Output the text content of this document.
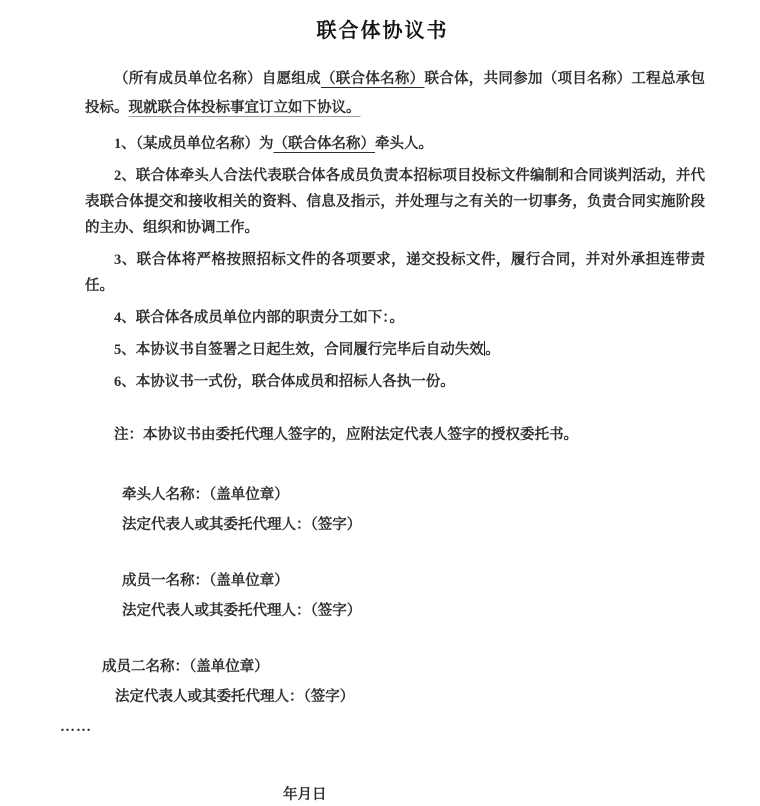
联合体协议书

（所有成员单位名称）自愿组成（联合体名称）联合体，共同参加（项目名称）工程总承包投标。现就联合体投标事宜订立如下协议。

1、（某成员单位名称）为（联合体名称）牵头人。

2、联合体牵头人合法代表联合体各成员负责本招标项目投标文件编制和合同谈判活动，并代表联合体提交和接收相关的资料、信息及指示，并处理与之有关的一切事务，负责合同实施阶段的主办、组织和协调工作。

3、联合体将严格按照招标文件的各项要求，递交投标文件，履行合同，并对外承担连带责任。

4、联合体各成员单位内部的职责分工如下：。

5、本协议书自签署之日起生效，合同履行完毕后自动失效 。

6、本协议书一式份，联合体成员和招标人各执一份。

注：本协议书由委托代理人签字的，应附法定代表人签字的授权委托书。

牵头人名称：（盖单位章）

法定代表人或其委托代理人：（签字）

成员一名称：（盖单位章）

法定代表人或其委托代理人：（签字）

成员二名称：（盖单位章）

法定代表人或其委托代理人：（签字）

……

年月日
